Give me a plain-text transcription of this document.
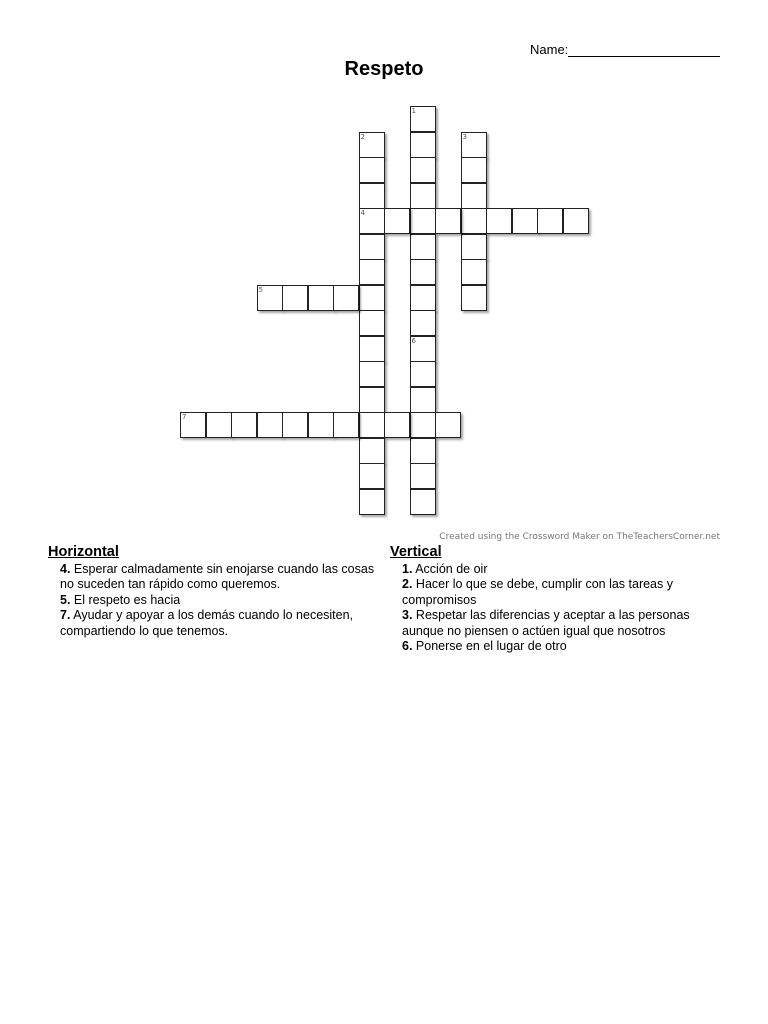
Name:
Respeto
1
6
2
4
3
5
7
Created using the Crossword Maker on TheTeachersCorner.net
Horizontal
4. Esperar calmadamente sin enojarse cuando las cosas no suceden tan rápido como queremos.
5. El respeto es hacia
7. Ayudar y apoyar a los demás cuando lo necesiten, compartiendo lo que tenemos.
Vertical
1. Acción de oir
2. Hacer lo que se debe, cumplir con las tareas y compromisos
3. Respetar las diferencias y aceptar a las personas aunque no piensen o actúen igual que nosotros
6. Ponerse en el lugar de otro
